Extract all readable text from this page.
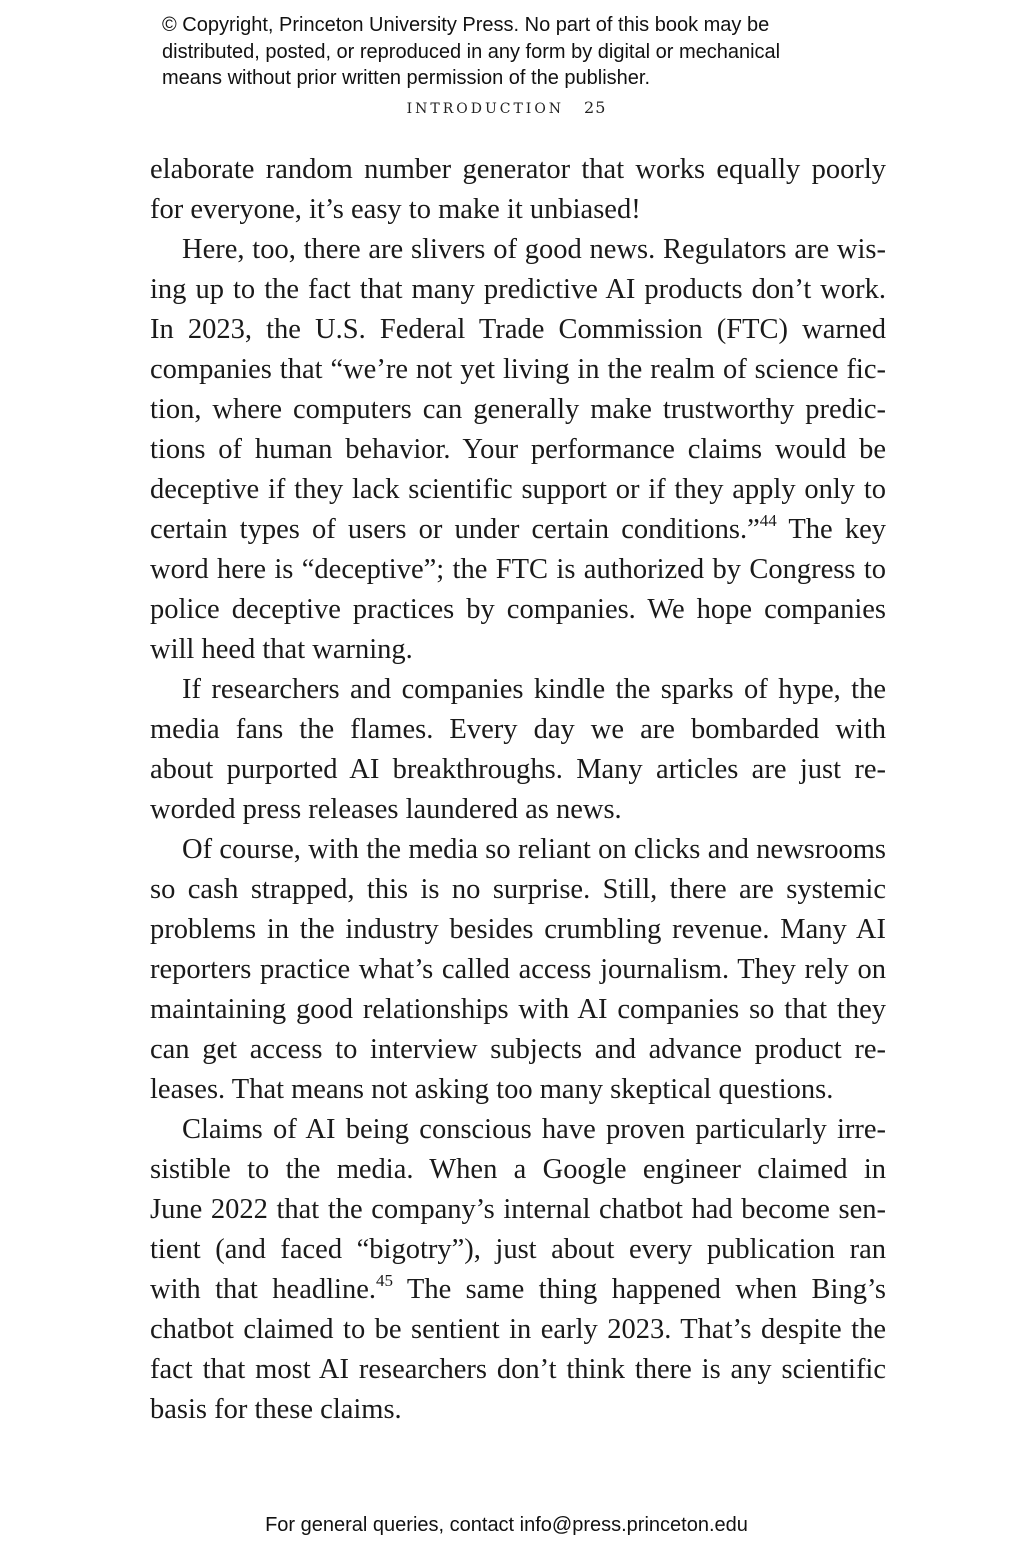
© Copyright, Princeton University Press. No part of this book may be
distributed, posted, or reproduced in any form by digital or mechanical
means without prior written permission of the publisher.
INTRODUCTION 25
elaborate random number generator that works equally poorly
for everyone, it’s easy to make it unbiased!
Here, too, there are slivers of good news. Regulators are wis-
ing up to the fact that many predictive AI products don’t work.
In 2023, the U.S. Federal Trade Commission (FTC) warned
companies that “we’re not yet living in the realm of science fic-
tion, where computers can generally make trustworthy predic-
tions of human behavior. Your performance claims would be
deceptive if they lack scientific support or if they apply only to
certain types of users or under certain conditions.”$^{44}$ The key
word here is “deceptive”; the FTC is authorized by Congress to
police deceptive practices by companies. We hope companies
will heed that warning.
If researchers and companies kindle the sparks of hype, the
media fans the flames. Every day we are bombarded with
about purported AI breakthroughs. Many articles are just re-
worded press releases laundered as news.
Of course, with the media so reliant on clicks and newsrooms
so cash strapped, this is no surprise. Still, there are systemic
problems in the industry besides crumbling revenue. Many AI
reporters practice what’s called access journalism. They rely on
maintaining good relationships with AI companies so that they
can get access to interview subjects and advance product re-
leases. That means not asking too many skeptical questions.
Claims of AI being conscious have proven particularly irre-
sistible to the media. When a Google engineer claimed in
June 2022 that the company’s internal chatbot had become sen-
tient (and faced “bigotry”), just about every publication ran
with that headline.$^{45}$ The same thing happened when Bing’s
chatbot claimed to be sentient in early 2023. That’s despite the
fact that most AI researchers don’t think there is any scientific
basis for these claims.
For general queries, contact info@press.princeton.edu
